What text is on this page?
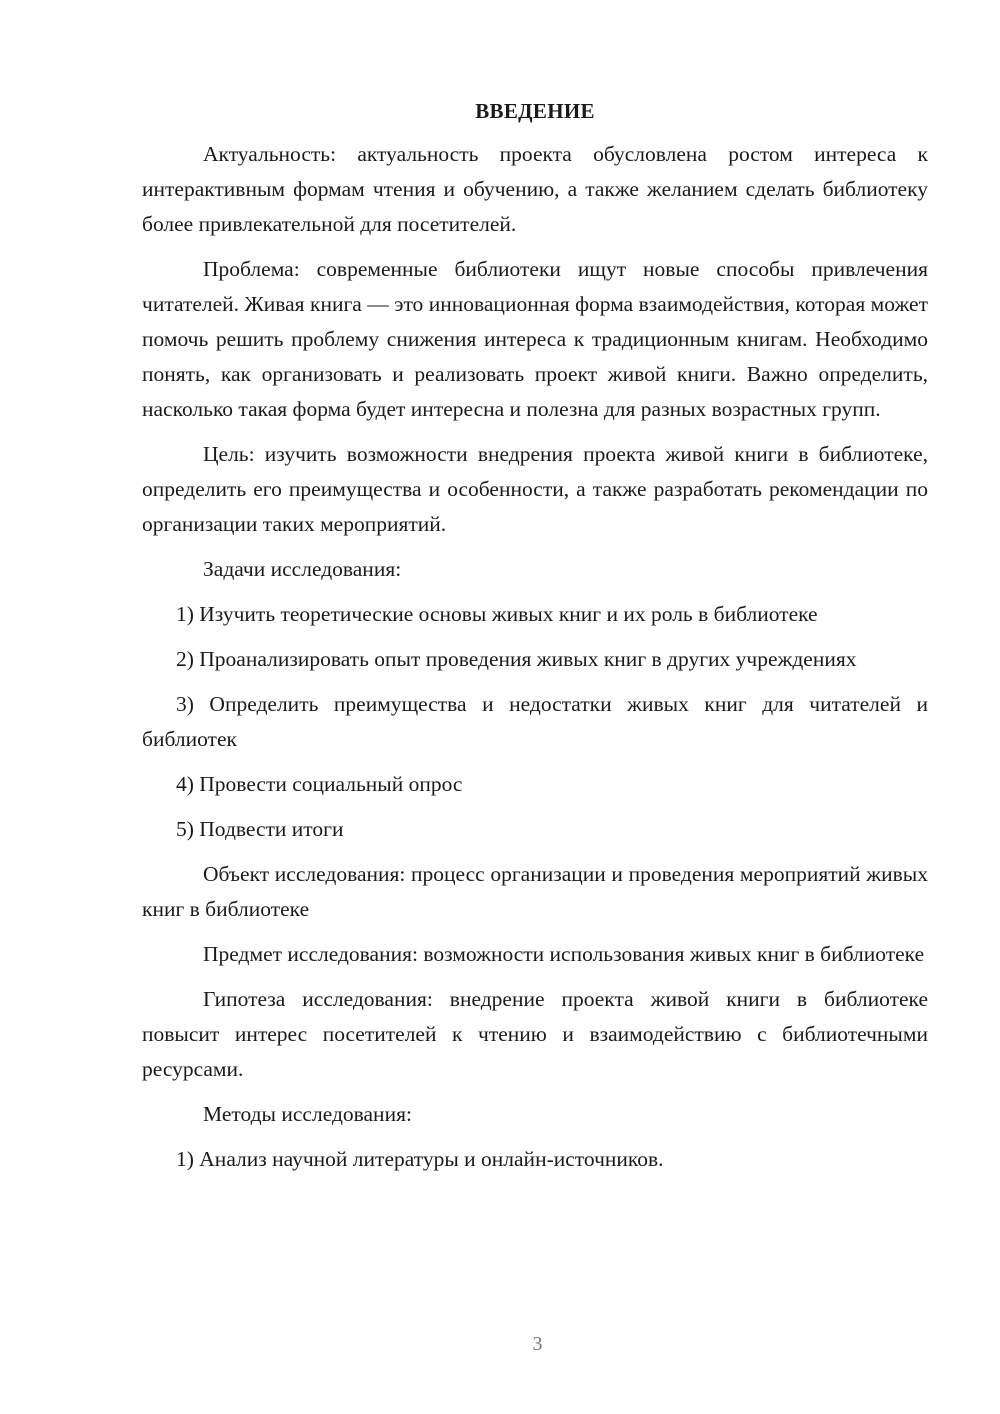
ВВЕДЕНИЕ

Актуальность: актуальность проекта обусловлена ростом интереса к интерактивным формам чтения и обучению, а также желанием сделать библиотеку более привлекательной для посетителей.

Проблема: современные библиотеки ищут новые способы привлечения читателей. Живая книга — это инновационная форма взаимодействия, которая может помочь решить проблему снижения интереса к традиционным книгам. Необходимо понять, как организовать и реализовать проект живой книги. Важно определить, насколько такая форма будет интересна и полезна для разных возрастных групп.

Цель: изучить возможности внедрения проекта живой книги в библиотеке, определить его преимущества и особенности, а также разработать рекомендации по организации таких мероприятий.

Задачи исследования:

1) Изучить теоретические основы живых книг и их роль в библиотеке

2) Проанализировать опыт проведения живых книг в других учреждениях

3) Определить преимущества и недостатки живых книг для читателей и библиотек

4) Провести социальный опрос

5) Подвести итоги

Объект исследования: процесс организации и проведения мероприятий живых книг в библиотеке

Предмет исследования: возможности использования живых книг в библиотеке

Гипотеза исследования: внедрение проекта живой книги в библиотеке повысит интерес посетителей к чтению и взаимодействию с библиотечными ресурсами.

Методы исследования:

1) Анализ научной литературы и онлайн-источников.

3
